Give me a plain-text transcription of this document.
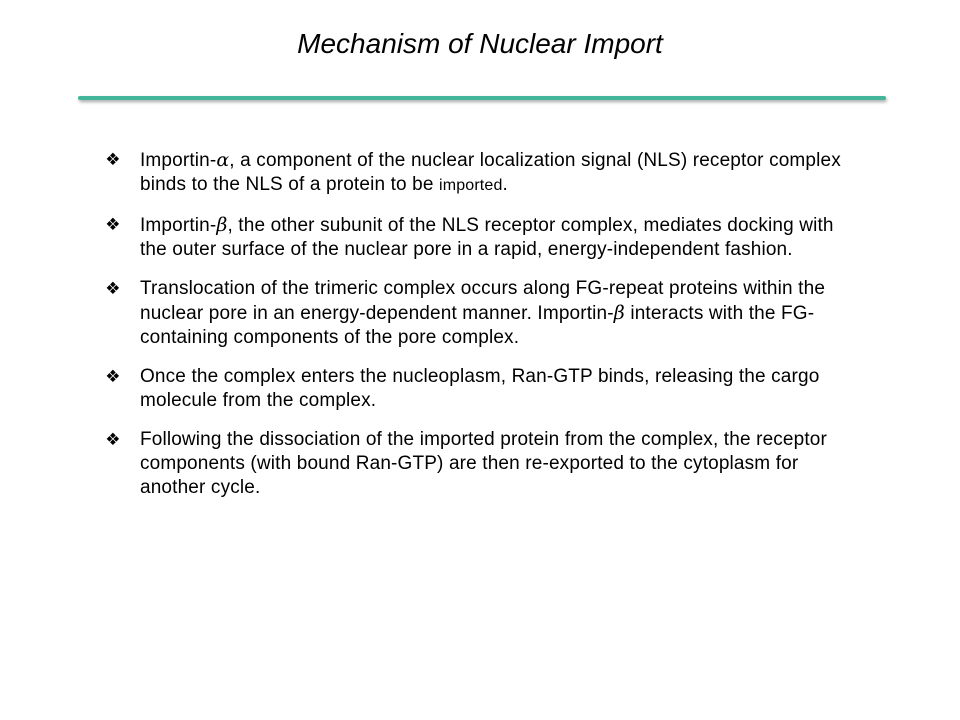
Mechanism of Nuclear Import
❖ Importin-α, a component of the nuclear localization signal (NLS) receptor complex binds to the NLS of a protein to be imported.
❖ Importin-β, the other subunit of the NLS receptor complex, mediates docking with the outer surface of the nuclear pore in a rapid, energy-independent fashion.
❖ Translocation of the trimeric complex occurs along FG-repeat proteins within the nuclear pore in an energy-dependent manner. Importin-β interacts with the FG-containing components of the pore complex.
❖ Once the complex enters the nucleoplasm, Ran-GTP binds, releasing the cargo molecule from the complex.
❖ Following the dissociation of the imported protein from the complex, the receptor components (with bound Ran-GTP) are then re-exported to the cytoplasm for another cycle.
